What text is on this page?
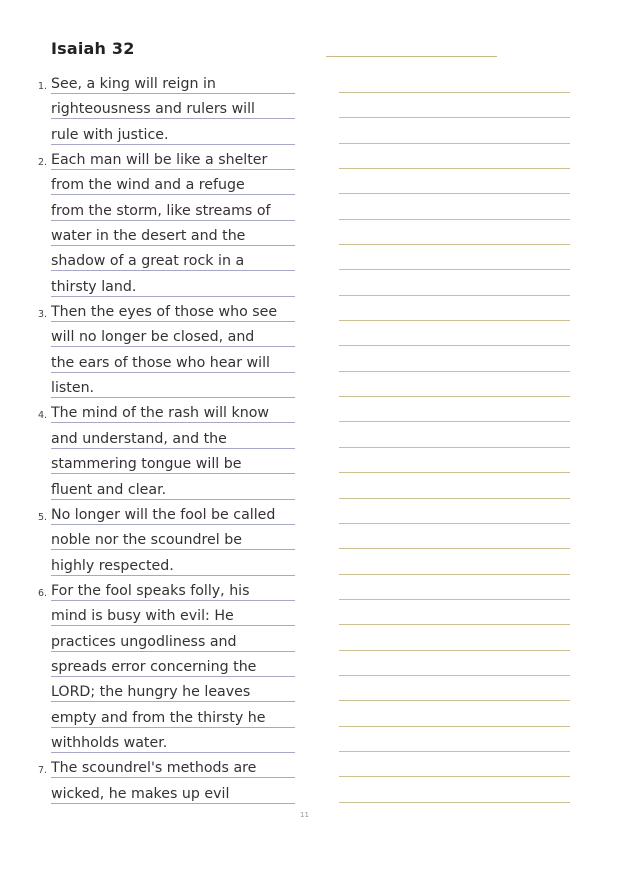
Isaiah 32
1. See, a king will reign in
righteousness and rulers will
rule with justice.
2. Each man will be like a shelter
from the wind and a refuge
from the storm, like streams of
water in the desert and the
shadow of a great rock in a
thirsty land.
3. Then the eyes of those who see
will no longer be closed, and
the ears of those who hear will
listen.
4. The mind of the rash will know
and understand, and the
stammering tongue will be
fluent and clear.
5. No longer will the fool be called
noble nor the scoundrel be
highly respected.
6. For the fool speaks folly, his
mind is busy with evil: He
practices ungodliness and
spreads error concerning the
LORD; the hungry he leaves
empty and from the thirsty he
withholds water.
7. The scoundrel's methods are
wicked, he makes up evil
11
